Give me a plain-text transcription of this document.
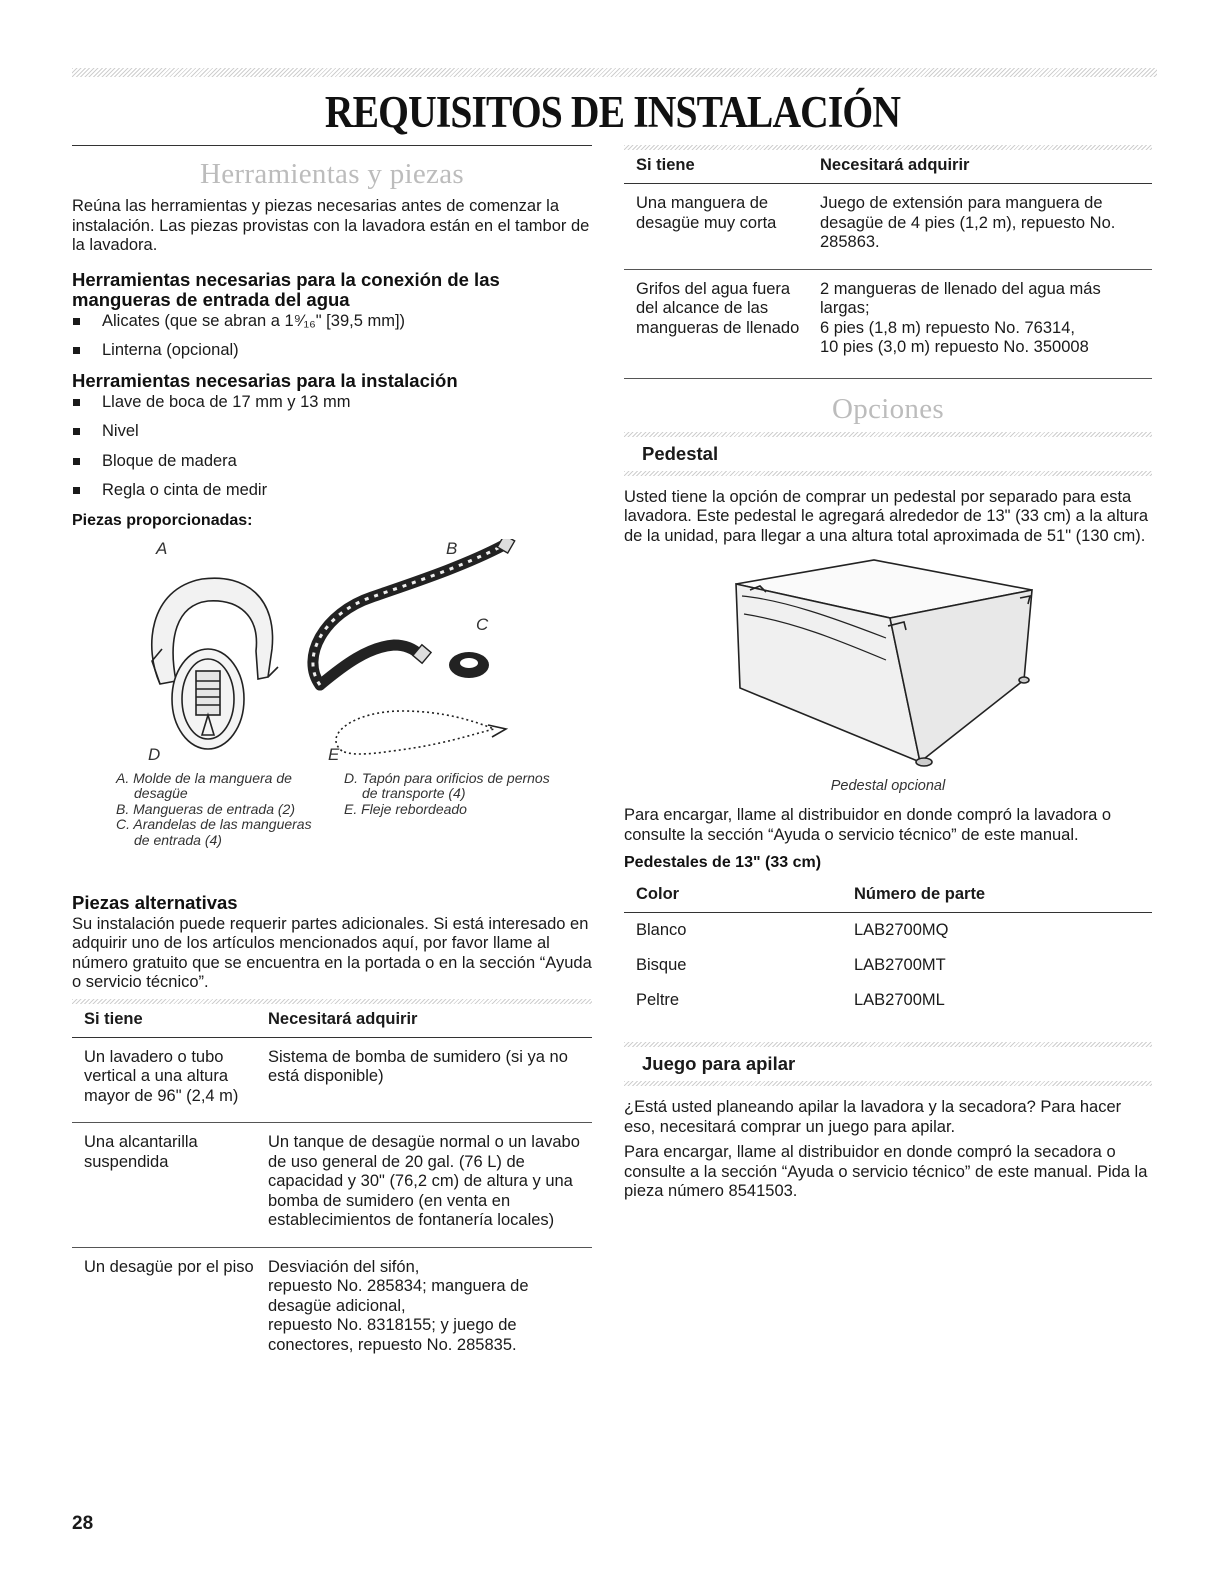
REQUISITOS DE INSTALACIÓN
Herramientas y piezas

Reúna las herramientas y piezas necesarias antes de comenzar la instalación. Las piezas provistas con la lavadora están en el tambor de la lavadora.

Herramientas necesarias para la conexión de las mangueras de entrada del agua
Alicates (que se abran a 1⁹⁄₁₆" [39,5 mm])
Linterna (opcional)
Herramientas necesarias para la instalación
Llave de boca de 17 mm y 13 mm
Nivel
Bloque de madera
Regla o cinta de medir
Piezas proporcionadas:
A	B
C
D	E
A. Molde de la manguera de desagüe
B. Mangueras de entrada (2)
C. Arandelas de las mangueras de entrada (4)
D. Tapón para orificios de pernos de transporte (4)
E. Fleje rebordeado
Piezas alternativas

Su instalación puede requerir partes adicionales. Si está interesado en adquirir uno de los artículos mencionados aquí, por favor llame al número gratuito que se encuentra en la portada o en la sección “Ayuda o servicio técnico”.

Si tiene	Necesitará adquirir
Un lavadero o tubo vertical a una altura mayor de 96" (2,4 m)	Sistema de bomba de sumidero (si ya no está disponible)
Una alcantarilla suspendida	Un tanque de desagüe normal o un lavabo de uso general de 20 gal. (76 L) de capacidad y 30" (76,2 cm) de altura y una bomba de sumidero (en venta en establecimientos de fontanería locales)
Un desagüe por el piso	Desviación del sifón,
repuesto No. 285834; manguera de desagüe adicional,
repuesto No. 8318155; y juego de conectores, repuesto No. 285835.
Si tiene	Necesitará adquirir
Una manguera de desagüe muy corta	Juego de extensión para manguera de desagüe de 4 pies (1,2 m), repuesto No. 285863.
Grifos del agua fuera del alcance de las mangueras de llenado	2 mangueras de llenado del agua más largas;
6 pies (1,8 m) repuesto No. 76314,
10 pies (3,0 m) repuesto No. 350008
Opciones
Pedestal

Usted tiene la opción de comprar un pedestal por separado para esta lavadora. Este pedestal le agregará alrededor de 13" (33 cm) a la altura de la unidad, para llegar a una altura total aproximada de 51" (130 cm).

Pedestal opcional

Para encargar, llame al distribuidor en donde compró la lavadora o consulte la sección “Ayuda o servicio técnico” de este manual.

Pedestales de 13" (33 cm)
Color	Número de parte
Blanco	LAB2700MQ
Bisque	LAB2700MT
Peltre	LAB2700ML
Juego para apilar

¿Está usted planeando apilar la lavadora y la secadora? Para hacer eso, necesitará comprar un juego para apilar.

Para encargar, llame al distribuidor en donde compró la secadora o consulte a la sección “Ayuda o servicio técnico” de este manual. Pida la pieza número 8541503.

28
